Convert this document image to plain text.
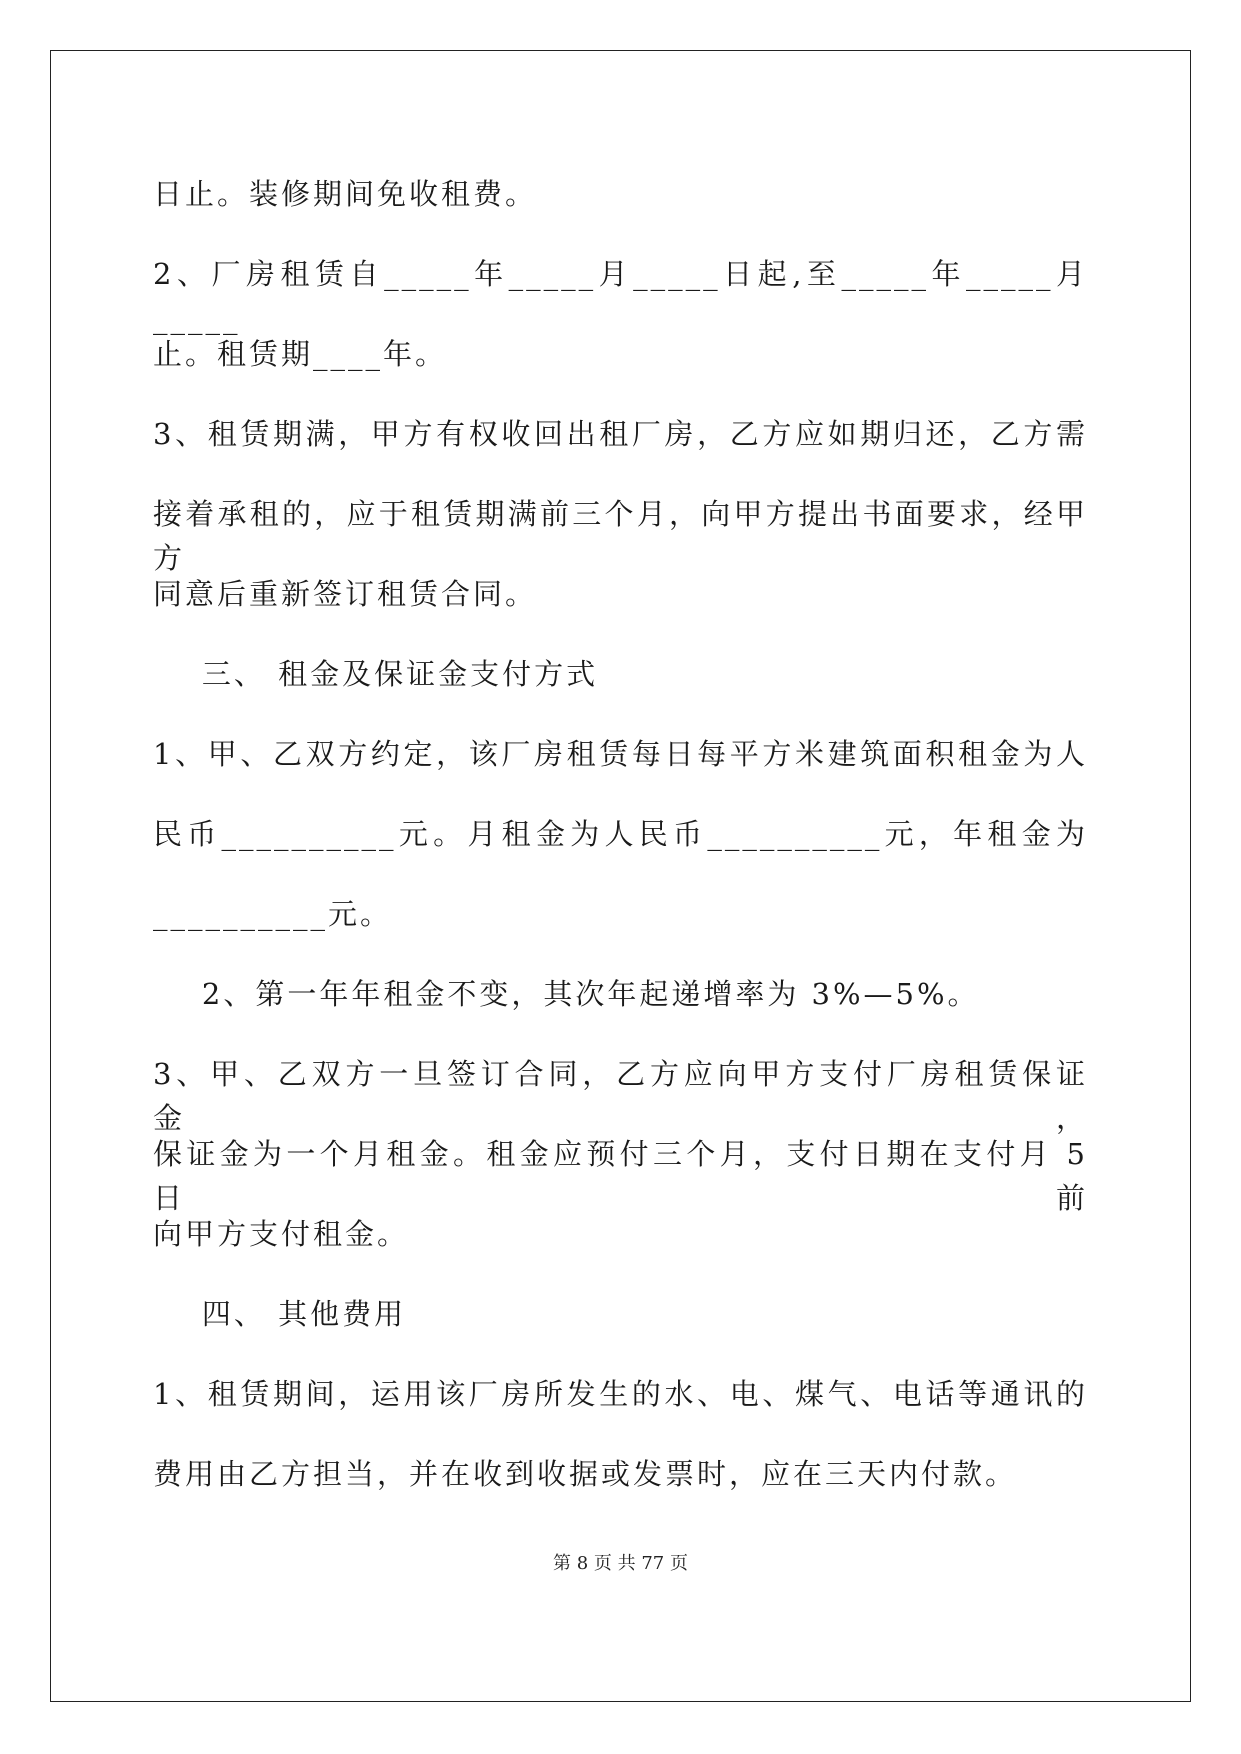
日止。装修期间免收租费。
2、厂房租赁自_____年_____月_____日起,至_____年_____月_____
止。租赁期____年。
3、租赁期满，甲方有权收回出租厂房，乙方应如期归还，乙方需
接着承租的，应于租赁期满前三个月，向甲方提出书面要求，经甲方
同意后重新签订租赁合同。
三、 租金及保证金支付方式
1、甲、乙双方约定，该厂房租赁每日每平方米建筑面积租金为人
民币__________元。月租金为人民币__________元，年租金为
__________元。
2、第一年年租金不变，其次年起递增率为 3%—5%。
3、甲、乙双方一旦签订合同，乙方应向甲方支付厂房租赁保证金，
保证金为一个月租金。租金应预付三个月，支付日期在支付月 5 日前
向甲方支付租金。
四、 其他费用
1、租赁期间，运用该厂房所发生的水、电、煤气、电话等通讯的
费用由乙方担当，并在收到收据或发票时，应在三天内付款。
第 8 页 共 77 页
